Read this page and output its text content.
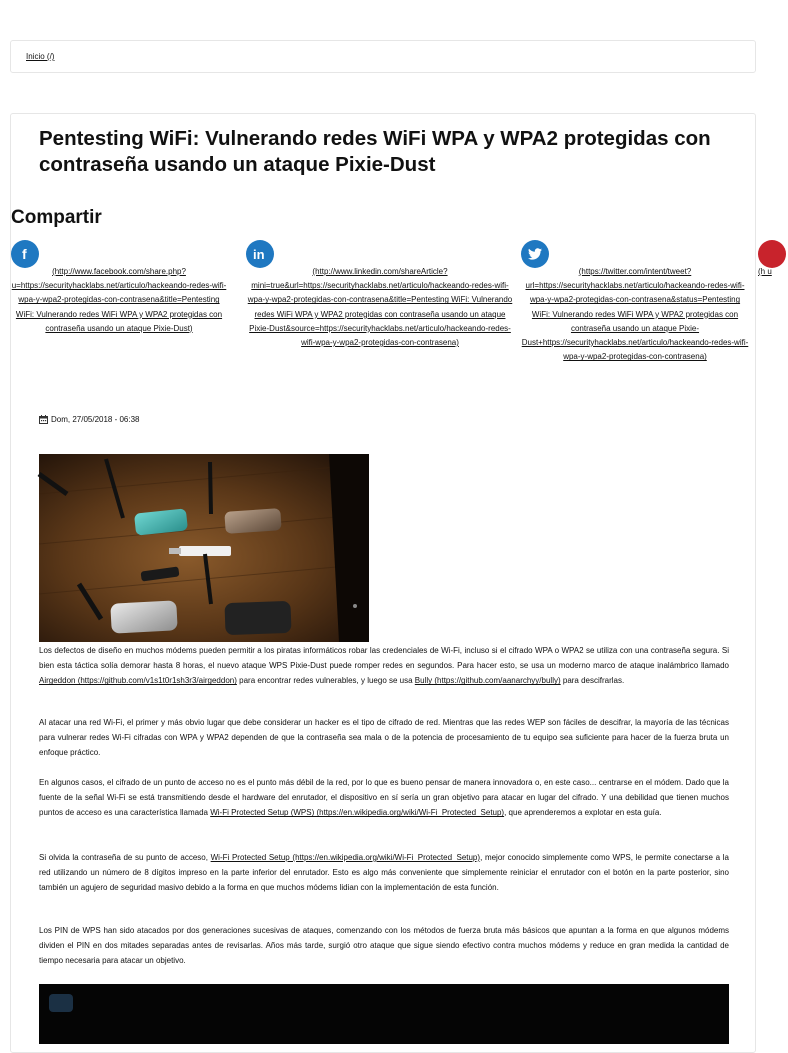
Inicio (/)
Pentesting WiFi: Vulnerando redes WiFi WPA y WPA2 protegidas con contraseña usando un ataque Pixie-Dust
Compartir
f
(http://www.facebook.com/share.php?u=https://securityhacklabs.net/articulo/hackeando-redes-wifi-wpa-y-wpa2-protegidas-con-contrasena&title=Pentesting WiFi: Vulnerando redes WiFi WPA y WPA2 protegidas con contraseña usando un ataque Pixie-Dust)
in
(http://www.linkedin.com/shareArticle?mini=true&url=https://securityhacklabs.net/articulo/hackeando-redes-wifi-wpa-y-wpa2-protegidas-con-contrasena&title=Pentesting WiFi: Vulnerando redes WiFi WPA y WPA2 protegidas con contraseña usando un ataque Pixie-Dust&source=https://securityhacklabs.net/articulo/hackeando-redes-wifi-wpa-y-wpa2-protegidas-con-contrasena)
(https://twitter.com/intent/tweet?url=https://securityhacklabs.net/articulo/hackeando-redes-wifi-wpa-y-wpa2-protegidas-con-contrasena&status=Pentesting WiFi: Vulnerando redes WiFi WPA y WPA2 protegidas con contraseña usando un ataque Pixie-Dust+https://securityhacklabs.net/articulo/hackeando-redes-wifi-wpa-y-wpa2-protegidas-con-contrasena)
(h u
Dom, 27/05/2018 - 06:38

Los defectos de diseño en muchos módems pueden permitir a los piratas informáticos robar las credenciales de Wi-Fi, incluso si el cifrado WPA o WPA2 se utiliza con una contraseña segura. Si bien esta táctica solía demorar hasta 8 horas, el nuevo ataque WPS Pixie-Dust puede romper redes en segundos. Para hacer esto, se usa un moderno marco de ataque inalámbrico llamado Airgeddon (https://github.com/v1s1t0r1sh3r3/airgeddon) para encontrar redes vulnerables, y luego se usa Bully (https://github.com/aanarchyy/bully) para descifrarlas.

Al atacar una red Wi-Fi, el primer y más obvio lugar que debe considerar un hacker es el tipo de cifrado de red. Mientras que las redes WEP son fáciles de descifrar, la mayoría de las técnicas para vulnerar redes Wi-Fi cifradas con WPA y WPA2 dependen de que la contraseña sea mala o de la potencia de procesamiento de tu equipo sea suficiente para hacer de la fuerza bruta un enfoque práctico.

En algunos casos, el cifrado de un punto de acceso no es el punto más débil de la red, por lo que es bueno pensar de manera innovadora o, en este caso... centrarse en el módem. Dado que la fuente de la señal Wi-Fi se está transmitiendo desde el hardware del enrutador, el dispositivo en sí sería un gran objetivo para atacar en lugar del cifrado. Y una debilidad que tienen muchos puntos de acceso es una característica llamada Wi-Fi Protected Setup (WPS) (https://en.wikipedia.org/wiki/Wi-Fi_Protected_Setup), que aprenderemos a explotar en esta guía.

Si olvida la contraseña de su punto de acceso, Wi-Fi Protected Setup (https://en.wikipedia.org/wiki/Wi-Fi_Protected_Setup), mejor conocido simplemente como WPS, le permite conectarse a la red utilizando un número de 8 dígitos impreso en la parte inferior del enrutador. Esto es algo más conveniente que simplemente reiniciar el enrutador con el botón en la parte posterior, sino también un agujero de seguridad masivo debido a la forma en que muchos módems lidian con la implementación de esta función.

Los PIN de WPS han sido atacados por dos generaciones sucesivas de ataques, comenzando con los métodos de fuerza bruta más básicos que apuntan a la forma en que algunos módems dividen el PIN en dos mitades separadas antes de revisarlas. Años más tarde, surgió otro ataque que sigue siendo efectivo contra muchos módems y reduce en gran medida la cantidad de tiempo necesaria para atacar un objetivo.
